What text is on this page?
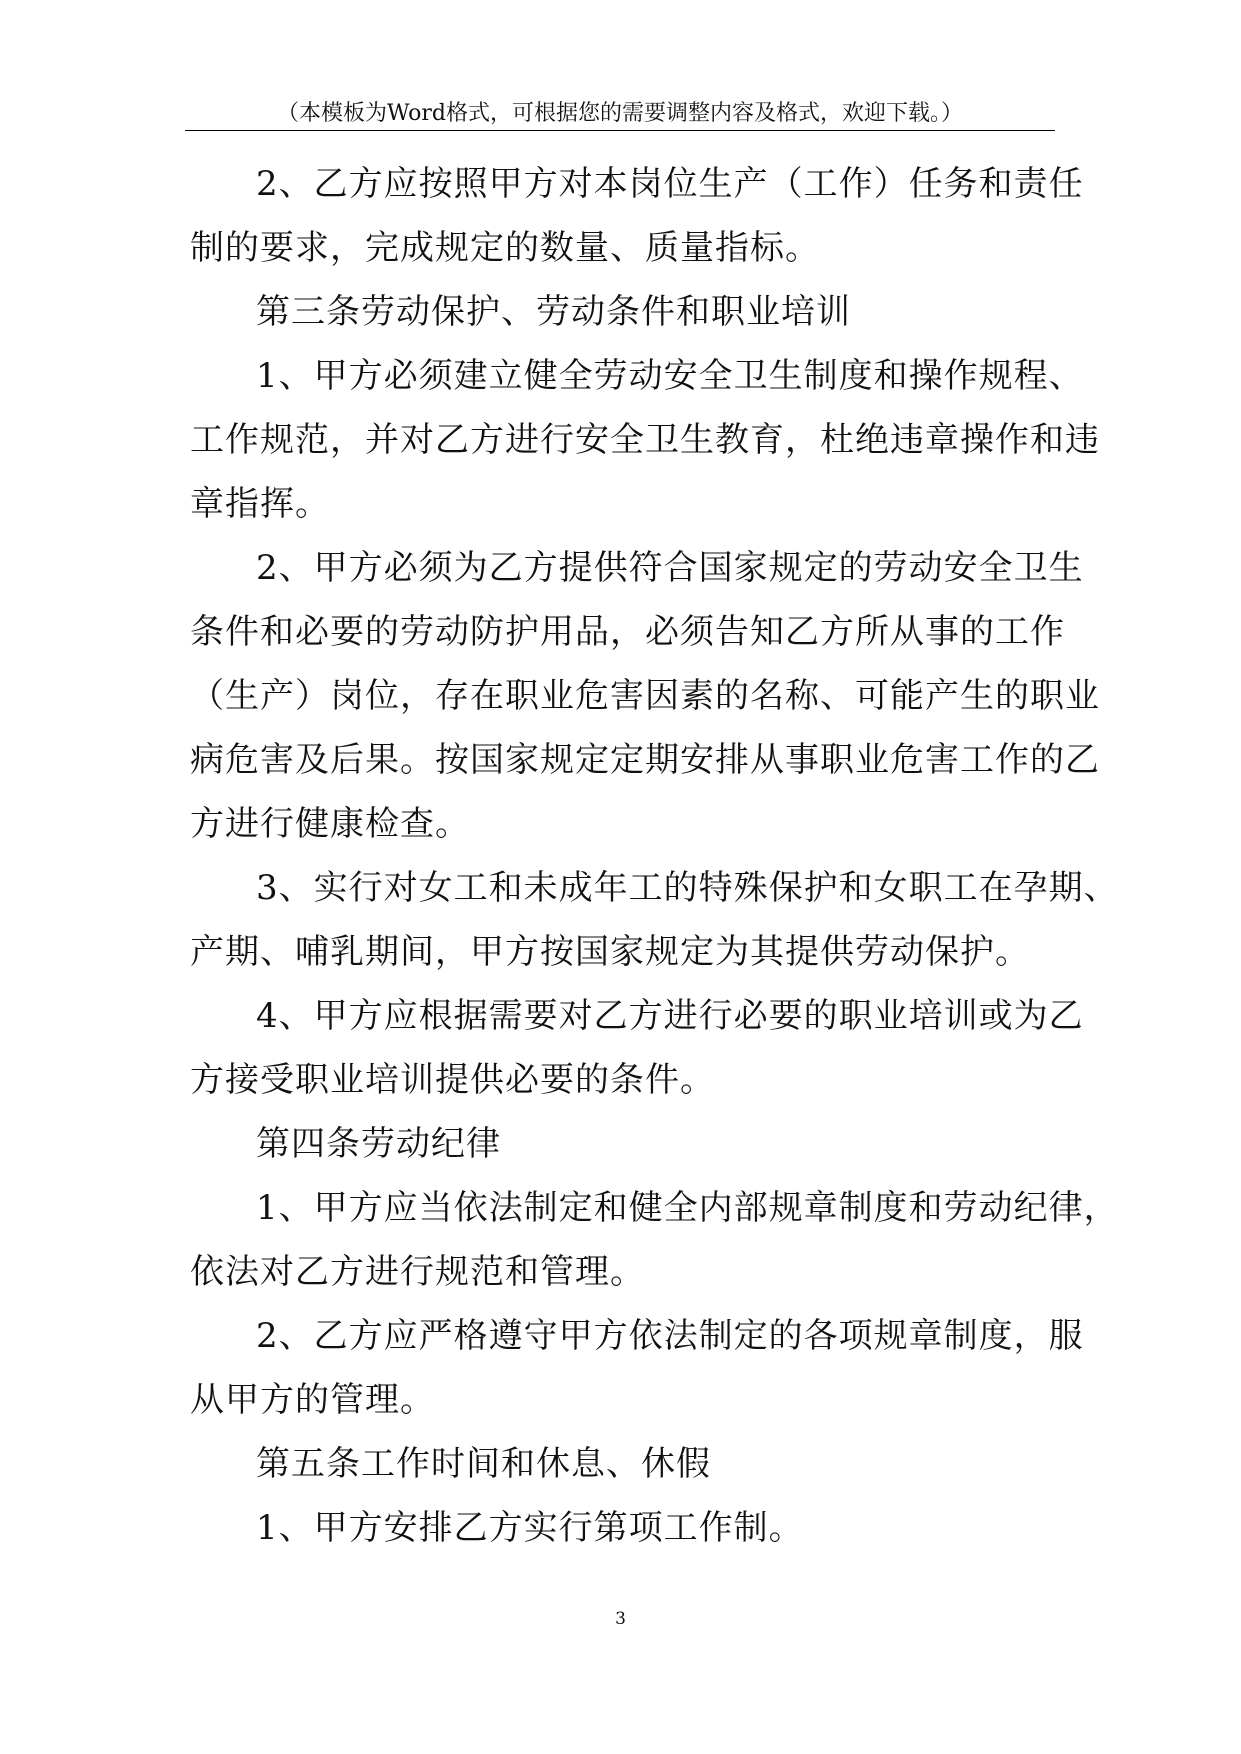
（本模板为Word格式，可根据您的需要调整内容及格式，欢迎下载。）
2、乙方应按照甲方对本岗位生产（工作）任务和责任
制的要求，完成规定的数量、质量指标。
第三条劳动保护、劳动条件和职业培训
1、甲方必须建立健全劳动安全卫生制度和操作规程、
工作规范，并对乙方进行安全卫生教育，杜绝违章操作和违
章指挥。
2、甲方必须为乙方提供符合国家规定的劳动安全卫生
条件和必要的劳动防护用品，必须告知乙方所从事的工作
（生产）岗位，存在职业危害因素的名称、可能产生的职业
病危害及后果。按国家规定定期安排从事职业危害工作的乙
方进行健康检查。
3、实行对女工和未成年工的特殊保护和女职工在孕期、
产期、哺乳期间，甲方按国家规定为其提供劳动保护。
4、甲方应根据需要对乙方进行必要的职业培训或为乙
方接受职业培训提供必要的条件。
第四条劳动纪律
1、甲方应当依法制定和健全内部规章制度和劳动纪律，
依法对乙方进行规范和管理。
2、乙方应严格遵守甲方依法制定的各项规章制度，服
从甲方的管理。
第五条工作时间和休息、休假
1、甲方安排乙方实行第项工作制。
3
